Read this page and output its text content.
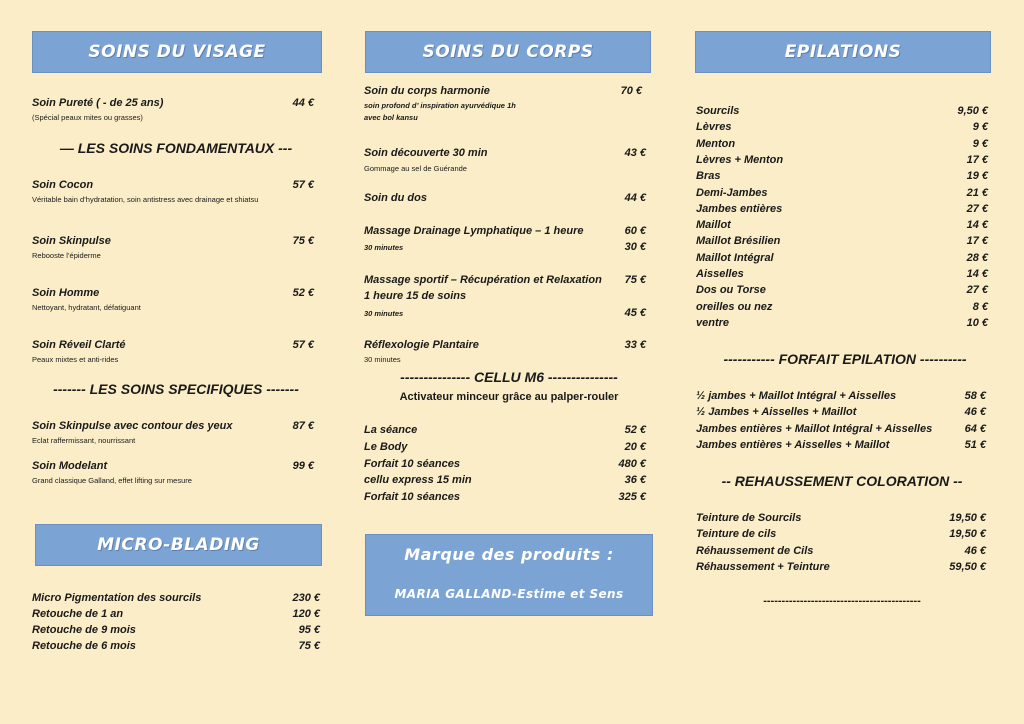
SOINS DU VISAGE
Soin Pureté ( - de 25 ans)	44 €
(Spécial peaux mites ou grasses)
— LES SOINS FONDAMENTAUX ---
Soin Cocon	57 €
Véritable bain d’hydratation, soin antistress avec drainage et shiatsu
Soin Skinpulse	75 €
Rebooste l’épiderme
Soin Homme	52 €
Nettoyant, hydratant, défatiguant
Soin Réveil Clarté	57 €
Peaux mixtes et anti-rides
------- LES SOINS SPECIFIQUES -------
Soin Skinpulse avec contour des yeux	87 €
Eclat raffermissant, nourrissant
Soin Modelant	99 €
Grand classique Galland, effet lifting sur mesure
MICRO-BLADING
Micro Pigmentation des sourcils	230 €
Retouche de 1 an	120 €
Retouche de 9 mois	95 €
Retouche de 6 mois	75 €
SOINS DU CORPS
Soin du corps harmonie	70 €
soin profond d’ inspiration ayurvédique 1h
avec bol kansu
Soin découverte 30 min	43 €
Gommage au sel de Guérande
Soin du dos	44 €
Massage Drainage Lymphatique – 1 heure	60 €
30 minutes	30 €
Massage sportif – Récupération et Relaxation	75 €
1 heure 15 de soins
30 minutes	45 €
Réflexologie Plantaire	33 €
30 minutes
--------------- CELLU M6 ---------------
Activateur minceur grâce au palper-rouler
La séance	52 €
Le Body	20 €
Forfait 10 séances	480 €
cellu express 15 min	36 €
Forfait 10 séances	325 €
Marque des produits :
MARIA GALLAND-Estime et Sens
EPILATIONS
Sourcils	9,50 €
Lèvres	9 €
Menton	9 €
Lèvres + Menton	17 €
Bras	19 €
Demi-Jambes	21 €
Jambes entières	27 €
Maillot	14 €
Maillot Brésilien	17 €
Maillot Intégral	28 €
Aisselles	14 €
Dos ou Torse	27 €
oreilles ou nez	8 €
ventre	10 €
----------- FORFAIT EPILATION ----------
½ jambes + Maillot Intégral + Aisselles	58 €
½ Jambes + Aisselles + Maillot	46 €
Jambes entières + Maillot Intégral + Aisselles	64 €
Jambes entières + Aisselles + Maillot	51 €
-- REHAUSSEMENT COLORATION --
Teinture de Sourcils	19,50 €
Teinture de cils	19,50 €
Réhaussement de Cils	46 €
Réhaussement + Teinture	59,50 €
-------------------------------------------
